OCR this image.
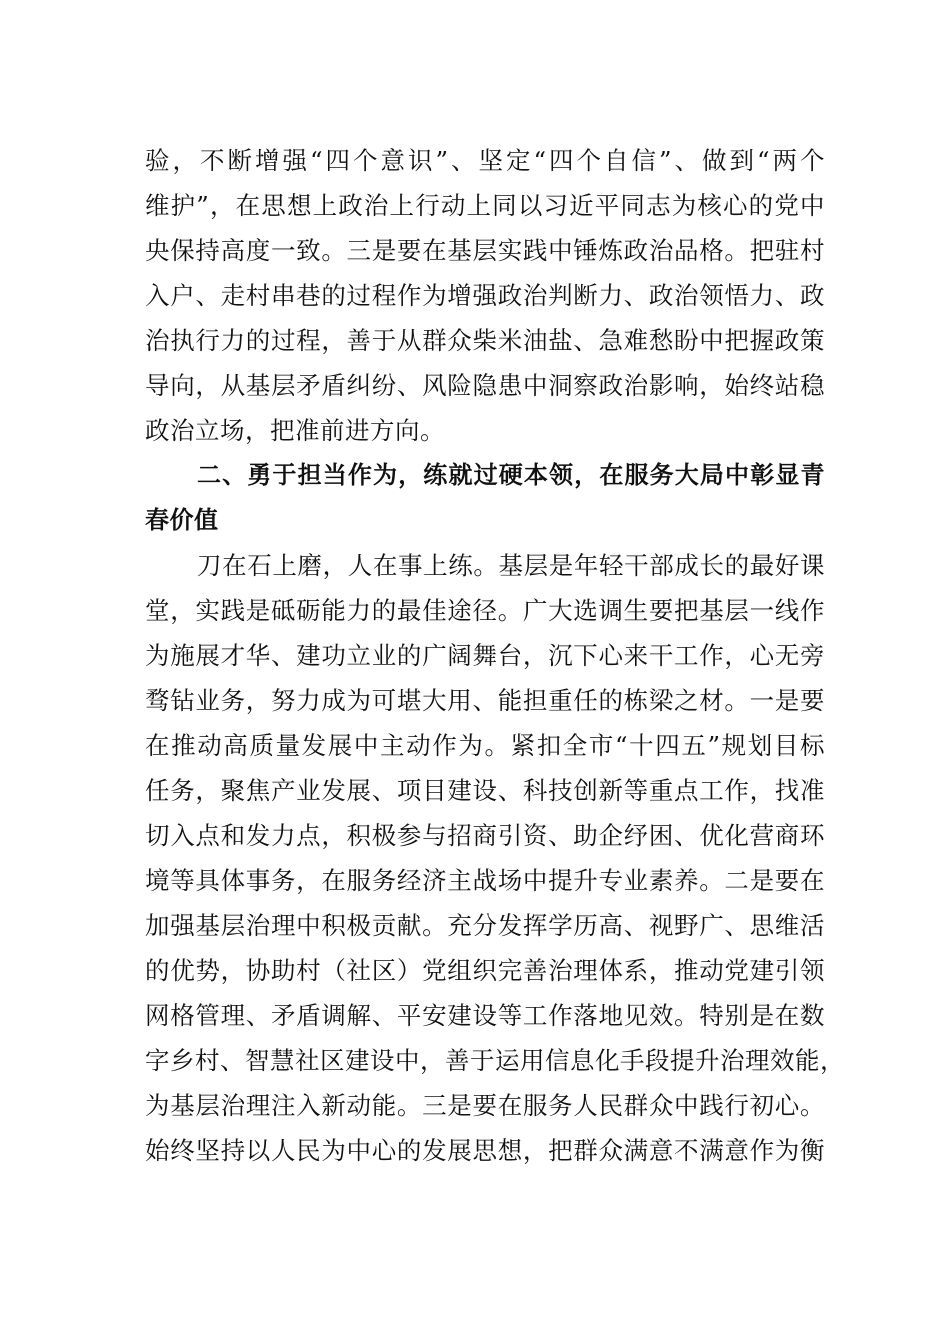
验，不断增强“四个意识”、坚定“四个自信”、做到“两个
维护”，在思想上政治上行动上同以习近平同志为核心的党中
央保持高度一致。三是要在基层实践中锤炼政治品格。把驻村
入户、走村串巷的过程作为增强政治判断力、政治领悟力、政
治执行力的过程，善于从群众柴米油盐、急难愁盼中把握政策
导向，从基层矛盾纠纷、风险隐患中洞察政治影响，始终站稳
政治立场，把准前进方向。
二、勇于担当作为，练就过硬本领，在服务大局中彰显青
春价值
刀在石上磨，人在事上练。基层是年轻干部成长的最好课
堂，实践是砥砺能力的最佳途径。广大选调生要把基层一线作
为施展才华、建功立业的广阔舞台，沉下心来干工作，心无旁
骛钻业务，努力成为可堪大用、能担重任的栋梁之材。一是要
在推动高质量发展中主动作为。紧扣全市“十四五”规划目标
任务，聚焦产业发展、项目建设、科技创新等重点工作，找准
切入点和发力点，积极参与招商引资、助企纾困、优化营商环
境等具体事务，在服务经济主战场中提升专业素养。二是要在
加强基层治理中积极贡献。充分发挥学历高、视野广、思维活
的优势，协助村（社区）党组织完善治理体系，推动党建引领
网格管理、矛盾调解、平安建设等工作落地见效。特别是在数
字乡村、智慧社区建设中，善于运用信息化手段提升治理效能，
为基层治理注入新动能。三是要在服务人民群众中践行初心。
始终坚持以人民为中心的发展思想，把群众满意不满意作为衡
